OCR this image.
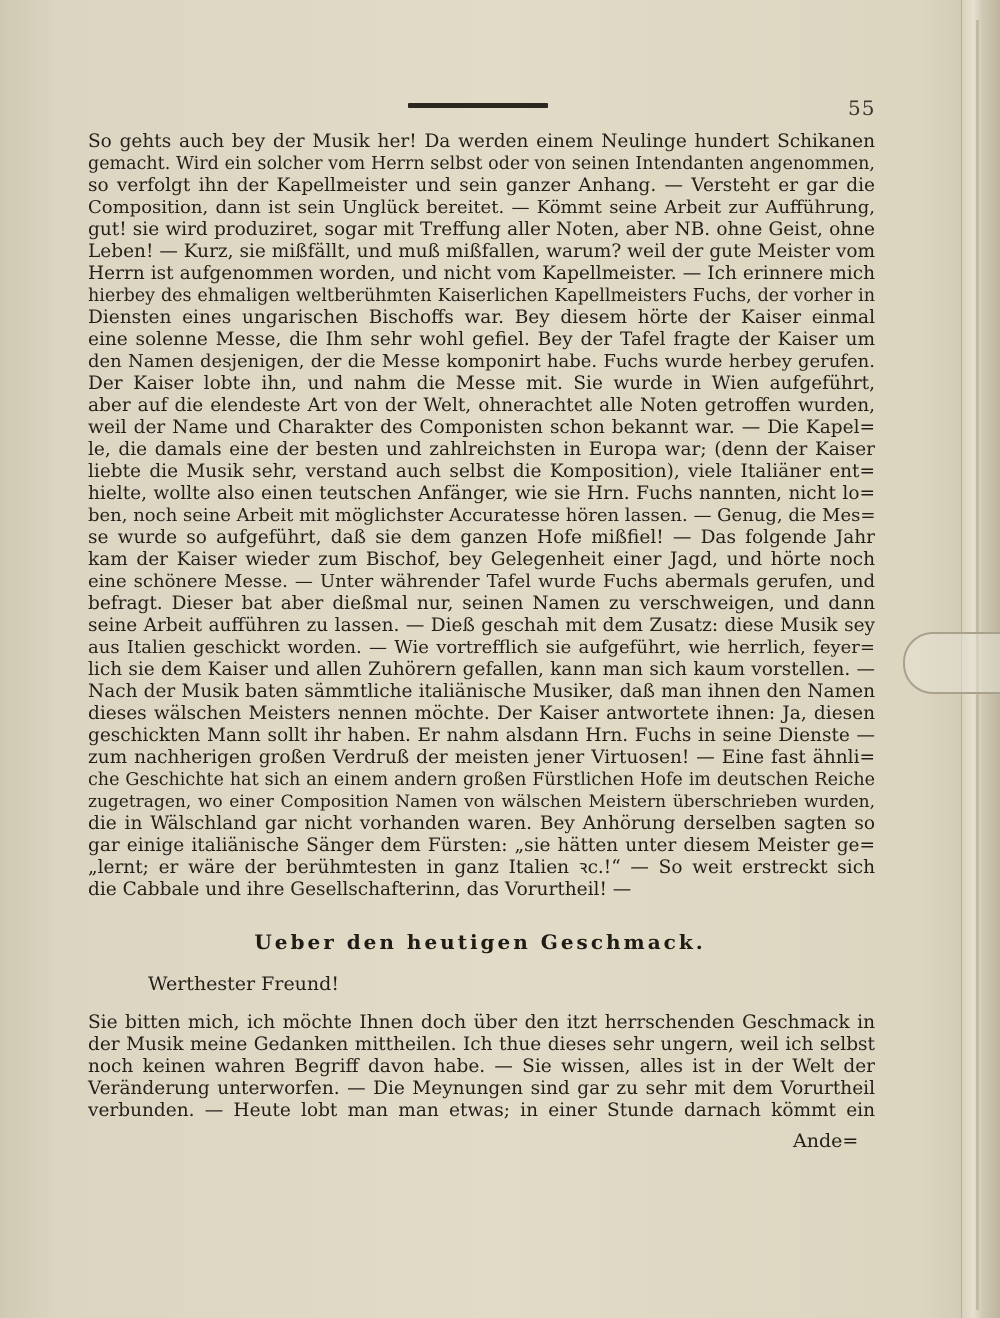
55
So gehts auch bey der Musik her! Da werden einem Neulinge hundert Schikanen
gemacht. Wird ein solcher vom Herrn selbst oder von seinen Intendanten angenommen,
so verfolgt ihn der Kapellmeister und sein ganzer Anhang. — Versteht er gar die
Composition, dann ist sein Unglück bereitet. — Kömmt seine Arbeit zur Aufführung,
gut! sie wird produziret, sogar mit Treffung aller Noten, aber NB. ohne Geist, ohne
Leben! — Kurz, sie mißfällt, und muß mißfallen, warum? weil der gute Meister vom
Herrn ist aufgenommen worden, und nicht vom Kapellmeister. — Ich erinnere mich
hierbey des ehmaligen weltberühmten Kaiserlichen Kapellmeisters Fuchs, der vorher in
Diensten eines ungarischen Bischoffs war. Bey diesem hörte der Kaiser einmal
eine solenne Messe, die Ihm sehr wohl gefiel. Bey der Tafel fragte der Kaiser um
den Namen desjenigen, der die Messe komponirt habe. Fuchs wurde herbey gerufen.
Der Kaiser lobte ihn, und nahm die Messe mit. Sie wurde in Wien aufgeführt,
aber auf die elendeste Art von der Welt, ohnerachtet alle Noten getroffen wurden,
weil der Name und Charakter des Componisten schon bekannt war. — Die Kapel=
le, die damals eine der besten und zahlreichsten in Europa war; (denn der Kaiser
liebte die Musik sehr, verstand auch selbst die Komposition), viele Italiäner ent=
hielte, wollte also einen teutschen Anfänger, wie sie Hrn. Fuchs nannten, nicht lo=
ben, noch seine Arbeit mit möglichster Accuratesse hören lassen. — Genug, die Mes=
se wurde so aufgeführt, daß sie dem ganzen Hofe mißfiel! — Das folgende Jahr
kam der Kaiser wieder zum Bischof, bey Gelegenheit einer Jagd, und hörte noch
eine schönere Messe. — Unter währender Tafel wurde Fuchs abermals gerufen, und
befragt. Dieser bat aber dießmal nur, seinen Namen zu verschweigen, und dann
seine Arbeit aufführen zu lassen. — Dieß geschah mit dem Zusatz: diese Musik sey
aus Italien geschickt worden. — Wie vortrefflich sie aufgeführt, wie herrlich, feyer=
lich sie dem Kaiser und allen Zuhörern gefallen, kann man sich kaum vorstellen. —
Nach der Musik baten sämmtliche italiänische Musiker, daß man ihnen den Namen
dieses wälschen Meisters nennen möchte. Der Kaiser antwortete ihnen: Ja, diesen
geschickten Mann sollt ihr haben. Er nahm alsdann Hrn. Fuchs in seine Dienste —
zum nachherigen großen Verdruß der meisten jener Virtuosen! — Eine fast ähnli=
che Geschichte hat sich an einem andern großen Fürstlichen Hofe im deutschen Reiche
zugetragen, wo einer Composition Namen von wälschen Meistern überschrieben wurden,
die in Wälschland gar nicht vorhanden waren. Bey Anhörung derselben sagten so
gar einige italiänische Sänger dem Fürsten: „sie hätten unter diesem Meister ge=
„lernt; er wäre der berühmtesten in ganz Italien ꝛc.!“ — So weit erstreckt sich
die Cabbale und ihre Gesellschafterinn, das Vorurtheil! —
Ueber den heutigen Geschmack.
Werthester Freund!
Sie bitten mich, ich möchte Ihnen doch über den itzt herrschenden Geschmack in
der Musik meine Gedanken mittheilen. Ich thue dieses sehr ungern, weil ich selbst
noch keinen wahren Begriff davon habe. — Sie wissen, alles ist in der Welt der
Veränderung unterworfen. — Die Meynungen sind gar zu sehr mit dem Vorurtheil
verbunden. — Heute lobt man man etwas; in einer Stunde darnach kömmt ein
Ande=
